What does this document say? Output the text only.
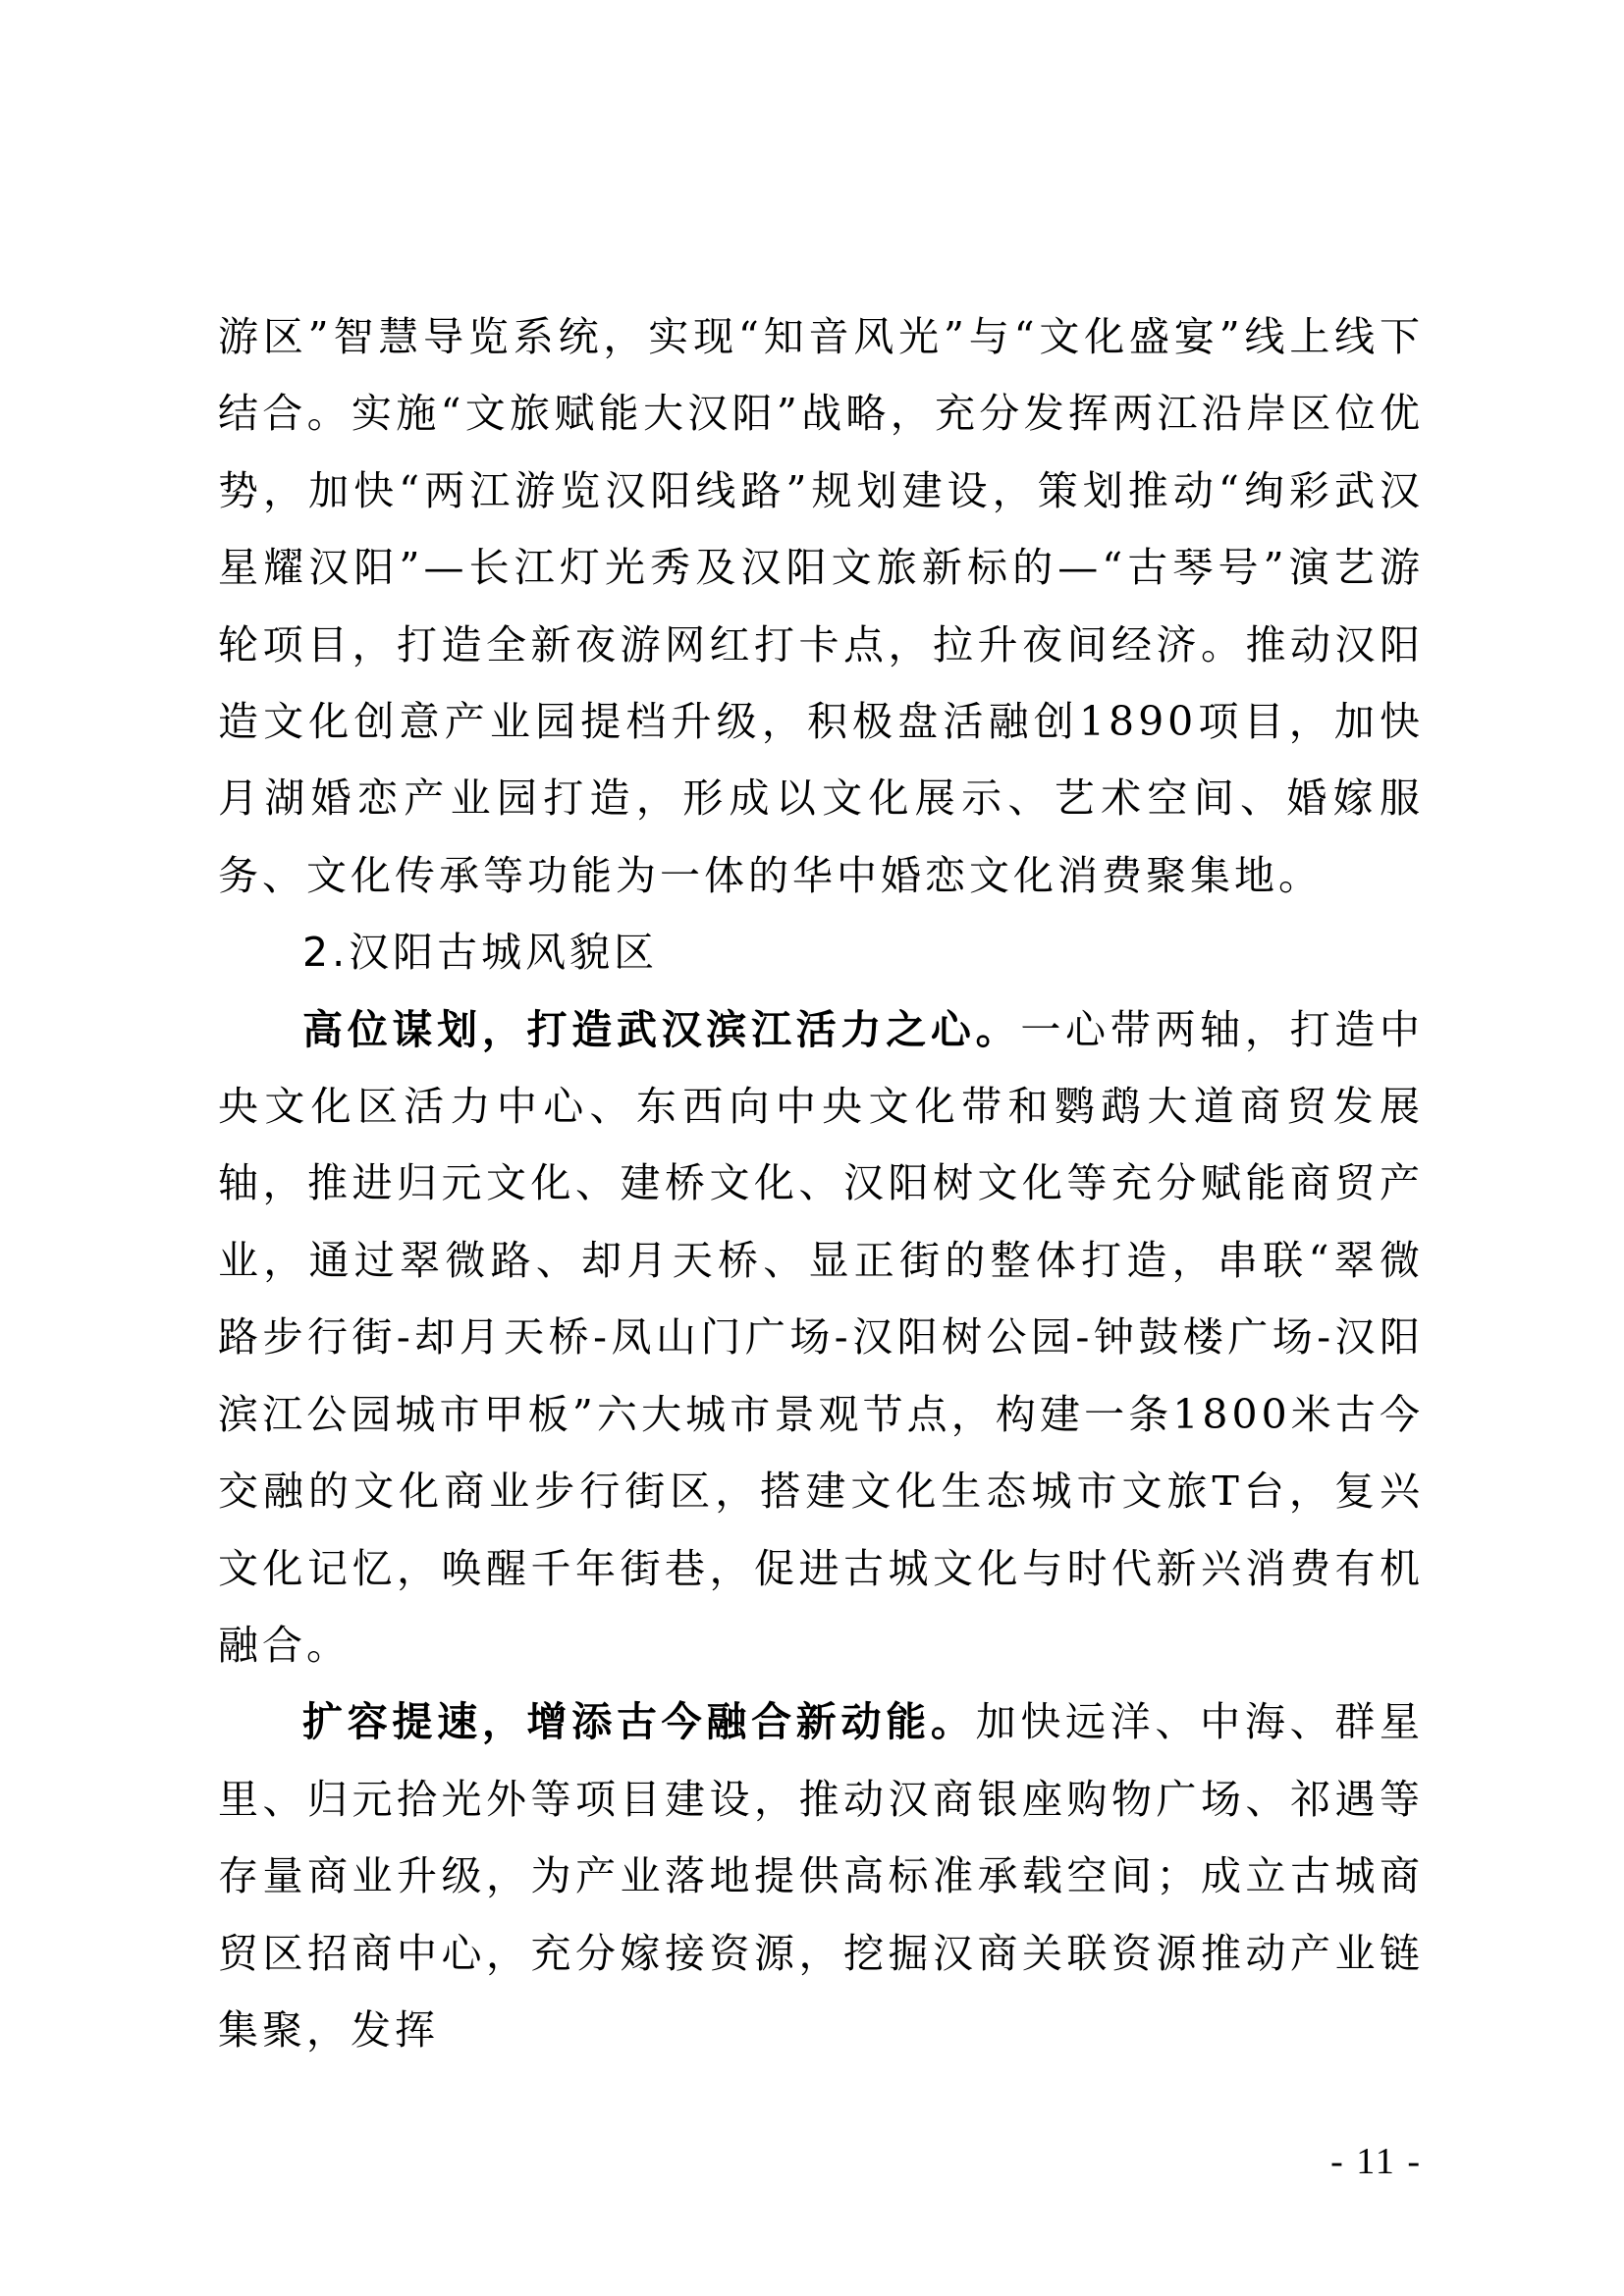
游区”智慧导览系统，实现“知音风光”与“文化盛宴”线上线下结合。实施“文旅赋能大汉阳”战略，充分发挥两江沿岸区位优势，加快“两江游览汉阳线路”规划建设，策划推动“绚彩武汉 星耀汉阳”—长江灯光秀及汉阳文旅新标的—“古琴号”演艺游轮项目，打造全新夜游网红打卡点，拉升夜间经济。推动汉阳造文化创意产业园提档升级，积极盘活融创1890项目，加快月湖婚恋产业园打造，形成以文化展示、艺术空间、婚嫁服务、文化传承等功能为一体的华中婚恋文化消费聚集地。

2.汉阳古城风貌区

高位谋划，打造武汉滨江活力之心。一心带两轴，打造中央文化区活力中心、东西向中央文化带和鹦鹉大道商贸发展轴，推进归元文化、建桥文化、汉阳树文化等充分赋能商贸产业，通过翠微路、却月天桥、显正街的整体打造，串联“翠微路步行街-却月天桥-凤山门广场-汉阳树公园-钟鼓楼广场-汉阳滨江公园城市甲板”六大城市景观节点，构建一条1800米古今交融的文化商业步行街区，搭建文化生态城市文旅T台，复兴文化记忆，唤醒千年街巷，促进古城文化与时代新兴消费有机融合。

扩容提速，增添古今融合新动能。加快远洋、中海、群星里、归元拾光外等项目建设，推动汉商银座购物广场、祁遇等存量商业升级，为产业落地提供高标准承载空间；成立古城商贸区招商中心，充分嫁接资源，挖掘汉商关联资源推动产业链集聚，发挥

- 11 -
